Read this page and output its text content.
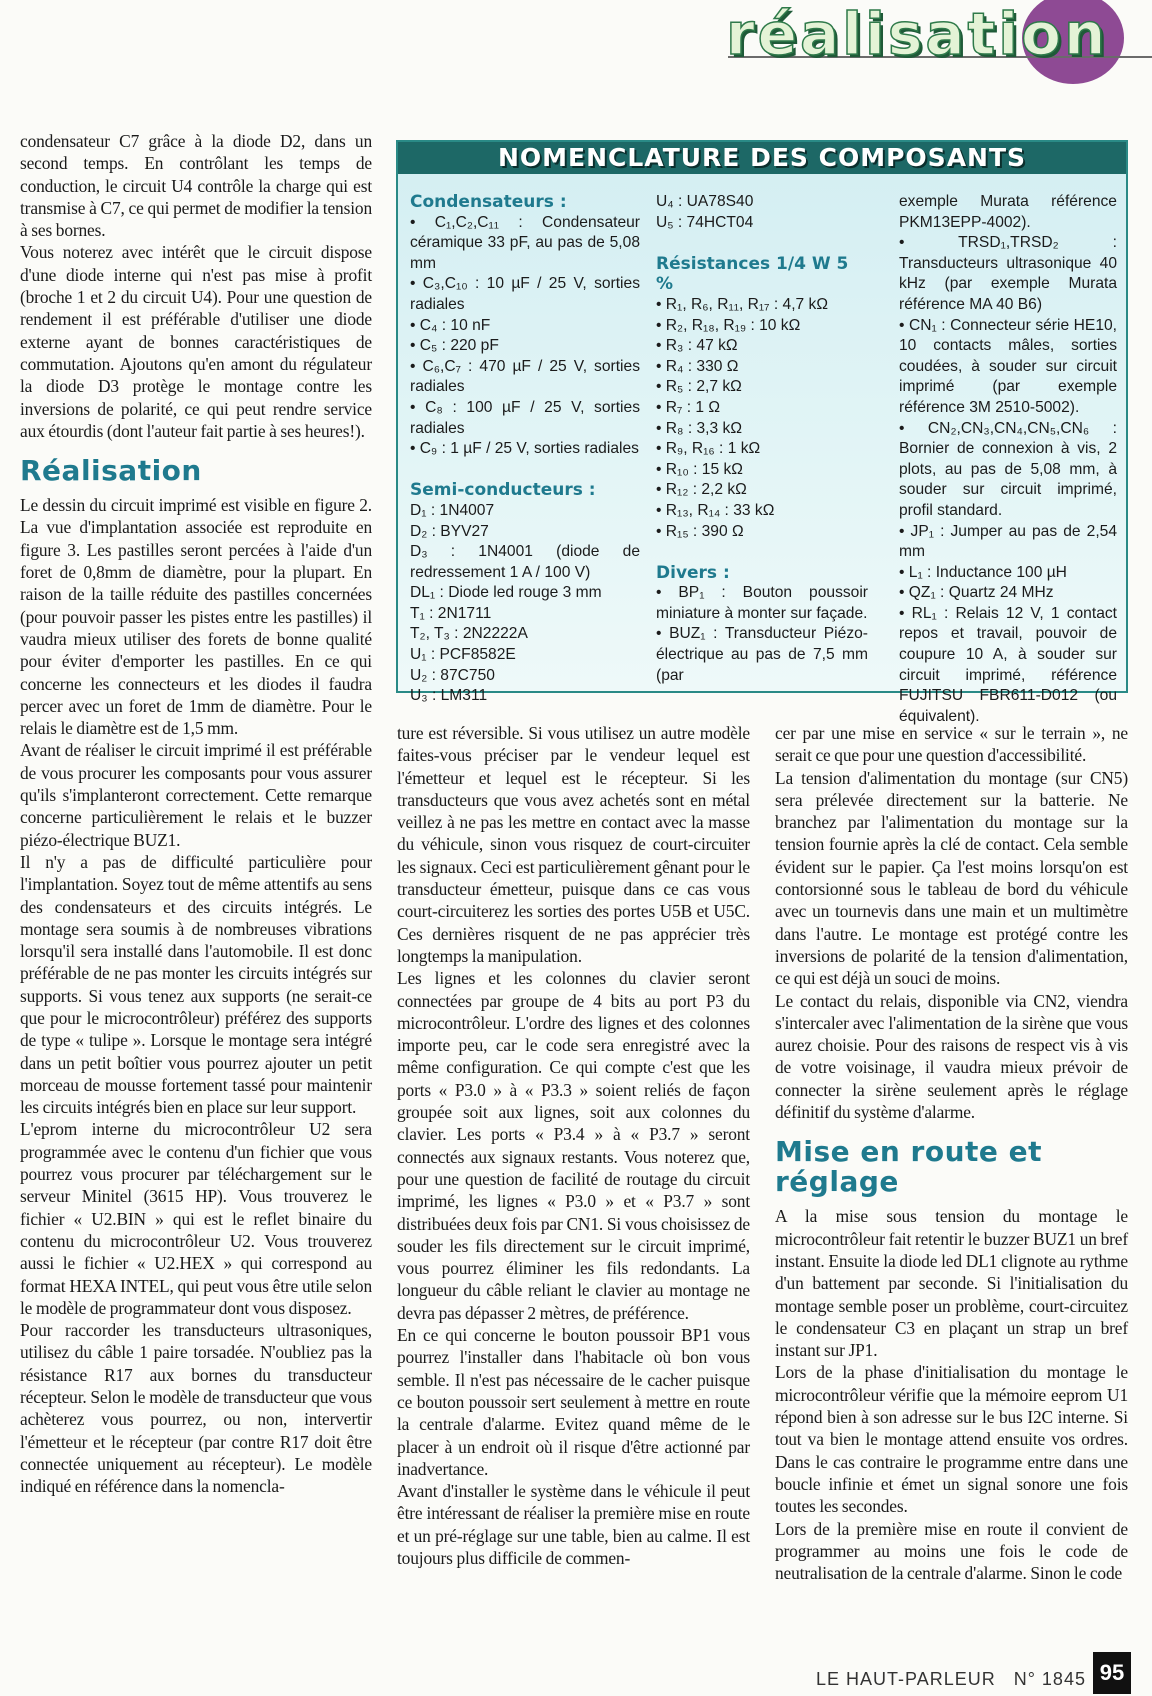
réalisation

condensateur C7 grâce à la diode D2, dans un second temps. En contrôlant les temps de conduction, le circuit U4 contrôle la charge qui est transmise à C7, ce qui permet de modifier la tension à ses bornes.

Vous noterez avec intérêt que le circuit dispose d'une diode interne qui n'est pas mise à profit (broche 1 et 2 du circuit U4). Pour une question de rendement il est préférable d'utiliser une diode externe ayant de bonnes caractéristiques de commutation. Ajoutons qu'en amont du régulateur la diode D3 protège le montage contre les inversions de polarité, ce qui peut rendre service aux étourdis (dont l'auteur fait partie à ses heures!).

Réalisation

Le dessin du circuit imprimé est visible en figure 2. La vue d'implantation associée est reproduite en figure 3. Les pastilles seront percées à l'aide d'un foret de 0,8mm de diamètre, pour la plupart. En raison de la taille réduite des pastilles concernées (pour pouvoir passer les pistes entre les pastilles) il vaudra mieux utiliser des forets de bonne qualité pour éviter d'emporter les pastilles. En ce qui concerne les connecteurs et les diodes il faudra percer avec un foret de 1mm de diamètre. Pour le relais le diamètre est de 1,5 mm.

Avant de réaliser le circuit imprimé il est préférable de vous procurer les composants pour vous assurer qu'ils s'implanteront correctement. Cette remarque concerne particulièrement le relais et le buzzer piézo-électrique BUZ1.

Il n'y a pas de difficulté particulière pour l'implantation. Soyez tout de même attentifs au sens des condensateurs et des circuits intégrés. Le montage sera soumis à de nombreuses vibrations lorsqu'il sera installé dans l'automobile. Il est donc préférable de ne pas monter les circuits intégrés sur supports. Si vous tenez aux supports (ne serait-ce que pour le microcontrôleur) préférez des supports de type « tulipe ». Lorsque le montage sera intégré dans un petit boîtier vous pourrez ajouter un petit morceau de mousse fortement tassé pour maintenir les circuits intégrés bien en place sur leur support.

L'eprom interne du microcontrôleur U2 sera programmée avec le contenu d'un fichier que vous pourrez vous procurer par téléchargement sur le serveur Minitel (3615 HP). Vous trouverez le fichier « U2.BIN » qui est le reflet binaire du contenu du microcontrôleur U2. Vous trouverez aussi le fichier « U2.HEX » qui correspond au format HEXA INTEL, qui peut vous être utile selon le modèle de programmateur dont vous disposez.

Pour raccorder les transducteurs ultrasoniques, utilisez du câble 1 paire torsadée. N'oubliez pas la résistance R17 aux bornes du transducteur récepteur. Selon le modèle de transducteur que vous achèterez vous pourrez, ou non, intervertir l'émetteur et le récepteur (par contre R17 doit être connectée uniquement au récepteur). Le modèle indiqué en référence dans la nomencla-

NOMENCLATURE DES COMPOSANTS
Condensateurs :
• C₁,C₂,C₁₁ : Condensateur céramique 33 pF, au pas de 5,08 mm
• C₃,C₁₀ : 10 µF / 25 V, sorties radiales
• C₄ : 10 nF
• C₅ : 220 pF
• C₆,C₇ : 470 µF / 25 V, sorties radiales
• C₈ : 100 µF / 25 V, sorties radiales
• C₉ : 1 µF / 25 V, sorties radiales
Semi-conducteurs :
D₁ : 1N4007
D₂ : BYV27
D₃ : 1N4001 (diode de redressement 1 A / 100 V)
DL₁ : Diode led rouge 3 mm
T₁ : 2N1711
T₂, T₃ : 2N2222A
U₁ : PCF8582E
U₂ : 87C750
U₃ : LM311
U₄ : UA78S40
U₅ : 74HCT04
Résistances 1/4 W 5 %
• R₁, R₆, R₁₁, R₁₇ : 4,7 kΩ
• R₂, R₁₈, R₁₉ : 10 kΩ
• R₃ : 47 kΩ
• R₄ : 330 Ω
• R₅ : 2,7 kΩ
• R₇ : 1 Ω
• R₈ : 3,3 kΩ
• R₉, R₁₆ : 1 kΩ
• R₁₀ : 15 kΩ
• R₁₂ : 2,2 kΩ
• R₁₃, R₁₄ : 33 kΩ
• R₁₅ : 390 Ω
Divers :
• BP₁ : Bouton poussoir miniature à monter sur façade.
• BUZ₁ : Transducteur Piézo-électrique au pas de 7,5 mm (par
exemple Murata référence PKM13EPP-4002).
• TRSD₁,TRSD₂ : Transducteurs ultrasonique 40 kHz (par exemple Murata référence MA 40 B6)
• CN₁ : Connecteur série HE10, 10 contacts mâles, sorties coudées, à souder sur circuit imprimé (par exemple référence 3M 2510-5002).
• CN₂,CN₃,CN₄,CN₅,CN₆ : Bornier de connexion à vis, 2 plots, au pas de 5,08 mm, à souder sur circuit imprimé, profil standard.
• JP₁ : Jumper au pas de 2,54 mm
• L₁ : Inductance 100 µH
• QZ₁ : Quartz 24 MHz
• RL₁ : Relais 12 V, 1 contact repos et travail, pouvoir de coupure 10 A, à souder sur circuit imprimé, référence FUJITSU FBR611-D012 (ou équivalent).

ture est réversible. Si vous utilisez un autre modèle faites-vous préciser par le vendeur lequel est l'émetteur et lequel est le récepteur. Si les transducteurs que vous avez achetés sont en métal veillez à ne pas les mettre en contact avec la masse du véhicule, sinon vous risquez de court-circuiter les signaux. Ceci est particulièrement gênant pour le transducteur émetteur, puisque dans ce cas vous court-circuiterez les sorties des portes U5B et U5C. Ces dernières risquent de ne pas apprécier très longtemps la manipulation.

Les lignes et les colonnes du clavier seront connectées par groupe de 4 bits au port P3 du microcontrôleur. L'ordre des lignes et des colonnes importe peu, car le code sera enregistré avec la même configuration. Ce qui compte c'est que les ports « P3.0 » à « P3.3 » soient reliés de façon groupée soit aux lignes, soit aux colonnes du clavier. Les ports « P3.4 » à « P3.7 » seront connectés aux signaux restants. Vous noterez que, pour une question de facilité de routage du circuit imprimé, les lignes « P3.0 » et « P3.7 » sont distribuées deux fois par CN1. Si vous choisissez de souder les fils directement sur le circuit imprimé, vous pourrez éliminer les fils redondants. La longueur du câble reliant le clavier au montage ne devra pas dépasser 2 mètres, de préférence.

En ce qui concerne le bouton poussoir BP1 vous pourrez l'installer dans l'habitacle où bon vous semble. Il n'est pas nécessaire de le cacher puisque ce bouton poussoir sert seulement à mettre en route la centrale d'alarme. Evitez quand même de le placer à un endroit où il risque d'être actionné par inadvertance.

Avant d'installer le système dans le véhicule il peut être intéressant de réaliser la première mise en route et un pré-réglage sur une table, bien au calme. Il est toujours plus difficile de commen-

cer par une mise en service « sur le terrain », ne serait ce que pour une question d'accessibilité.

La tension d'alimentation du montage (sur CN5) sera prélevée directement sur la batterie. Ne branchez par l'alimentation du montage sur la tension fournie après la clé de contact. Cela semble évident sur le papier. Ça l'est moins lorsqu'on est contorsionné sous le tableau de bord du véhicule avec un tournevis dans une main et un multimètre dans l'autre. Le montage est protégé contre les inversions de polarité de la tension d'alimentation, ce qui est déjà un souci de moins.

Le contact du relais, disponible via CN2, viendra s'intercaler avec l'alimentation de la sirène que vous aurez choisie. Pour des raisons de respect vis à vis de votre voisinage, il vaudra mieux prévoir de connecter la sirène seulement après le réglage définitif du système d'alarme.

Mise en route et réglage

A la mise sous tension du montage le microcontrôleur fait retentir le buzzer BUZ1 un bref instant. Ensuite la diode led DL1 clignote au rythme d'un battement par seconde. Si l'initialisation du montage semble poser un problème, court-circuitez le condensateur C3 en plaçant un strap un bref instant sur JP1.

Lors de la phase d'initialisation du montage le microcontrôleur vérifie que la mémoire eeprom U1 répond bien à son adresse sur le bus I2C interne. Si tout va bien le montage attend ensuite vos ordres. Dans le cas contraire le programme entre dans une boucle infinie et émet un signal sonore une fois toutes les secondes.

Lors de la première mise en route il convient de programmer au moins une fois le code de neutralisation de la centrale d'alarme. Sinon le code

LE HAUT-PARLEUR N° 1845 95
